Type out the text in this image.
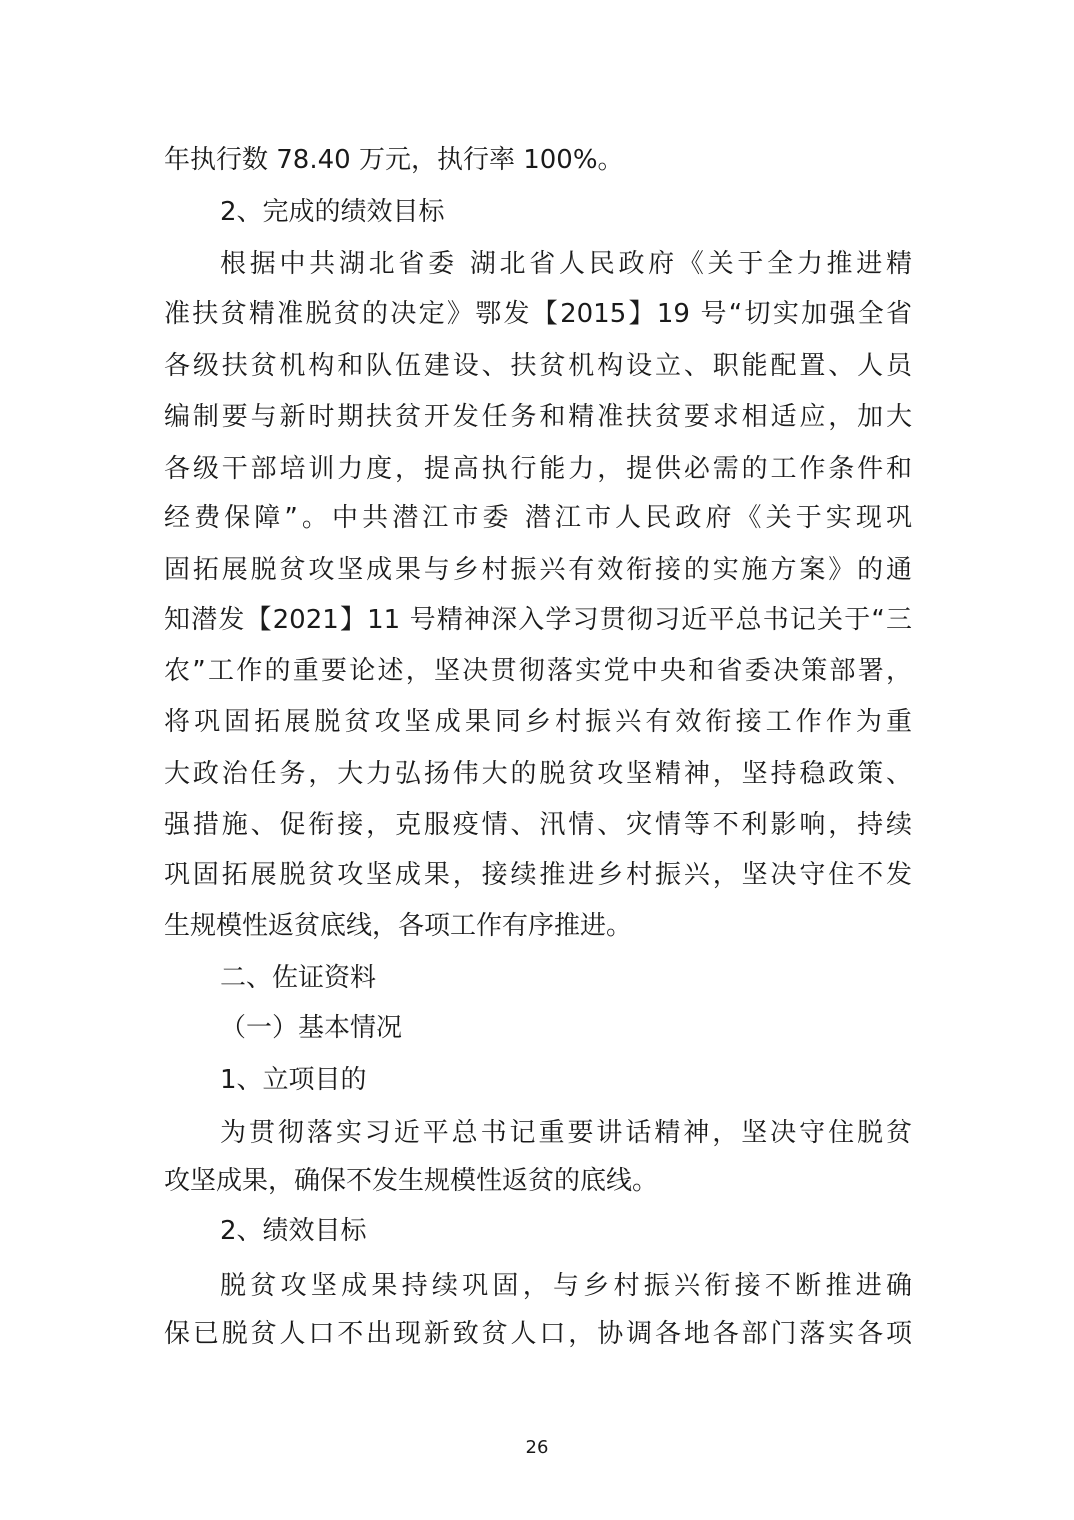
年执行数 78.40 万元，执行率 100%。
2、完成的绩效目标
根据中共湖北省委 湖北省人民政府《关于全力推进精
准扶贫精准脱贫的决定》鄂发【2015】19 号“切实加强全省
各级扶贫机构和队伍建设、扶贫机构设立、职能配置、人员
编制要与新时期扶贫开发任务和精准扶贫要求相适应，加大
各级干部培训力度，提高执行能力，提供必需的工作条件和
经费保障”。中共潜江市委 潜江市人民政府《关于实现巩
固拓展脱贫攻坚成果与乡村振兴有效衔接的实施方案》的通
知潜发【2021】11 号精神深入学习贯彻习近平总书记关于“三
农”工作的重要论述，坚决贯彻落实党中央和省委决策部署，
将巩固拓展脱贫攻坚成果同乡村振兴有效衔接工作作为重
大政治任务，大力弘扬伟大的脱贫攻坚精神，坚持稳政策、
强措施、促衔接，克服疫情、汛情、灾情等不利影响，持续
巩固拓展脱贫攻坚成果，接续推进乡村振兴，坚决守住不发
生规模性返贫底线，各项工作有序推进。
二、佐证资料
（一）基本情况
1、立项目的
为贯彻落实习近平总书记重要讲话精神，坚决守住脱贫
攻坚成果，确保不发生规模性返贫的底线。
2、绩效目标
脱贫攻坚成果持续巩固，与乡村振兴衔接不断推进确
保已脱贫人口不出现新致贫人口，协调各地各部门落实各项
26
